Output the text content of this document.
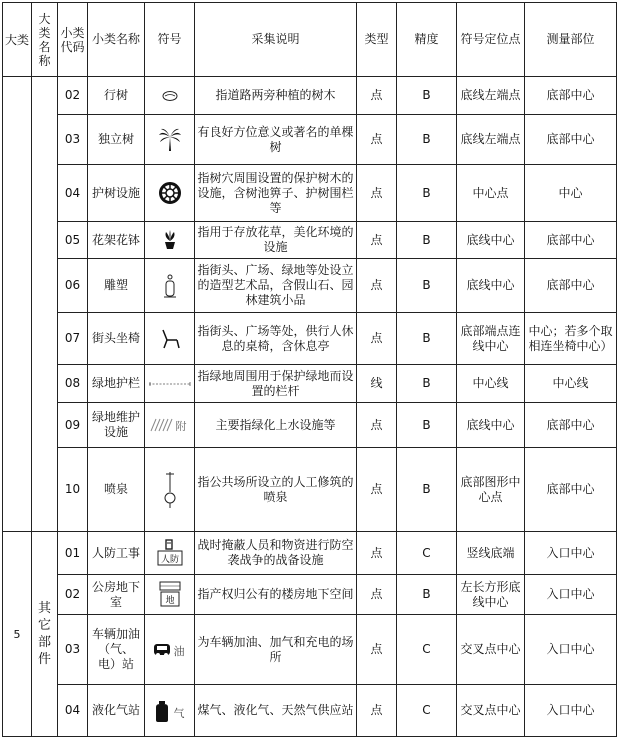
大类	大类名称	小类代码	小类名称	符号	采集说明	类型	精度	符号定位点	测量部位
		02	行树		指道路两旁种植的树木	点	B	底线左端点	底部中心
		03	独立树		有良好方位意义或著名的单棵树	点	B	底线左端点	底部中心
		04	护树设施		指树穴周围设置的保护树木的设施，含树池箅子、护树围栏等	点	B	中心点	中心
		05	花架花钵		指用于存放花草，美化环境的设施	点	B	底线中心	底部中心
		06	雕塑		指街头、广场、绿地等处设立的造型艺术品，含假山石、园林建筑小品	点	B	底线中心	底部中心
		07	街头坐椅		指街头、广场等处，供行人休息的桌椅，含休息亭	点	B	底部端点连线中心	中心；若多个取相连坐椅中心）
		08	绿地护栏		指绿地周围用于保护绿地而设置的栏杆	线	B	中心线	中心线
		09	绿地维护设施	附	主要指绿化上水设施等	点	B	底线中心	底部中心
		10	喷泉		指公共场所设立的人工修筑的喷泉	点	B	底部图形中心点	底部中心
5	其它部件	01	人防工事	人防	战时掩蔽人员和物资进行防空袭战争的战备设施	点	C	竖线底端	入口中心
		02	公房地下室	地	指产权归公有的楼房地下空间	点	B	左长方形底线中心	入口中心
		03	车辆加油（气、电）站	油	为车辆加油、加气和充电的场所	点	C	交叉点中心	入口中心
		04	液化气站	气	煤气、液化气、天然气供应站	点	C	交叉点中心	入口中心
